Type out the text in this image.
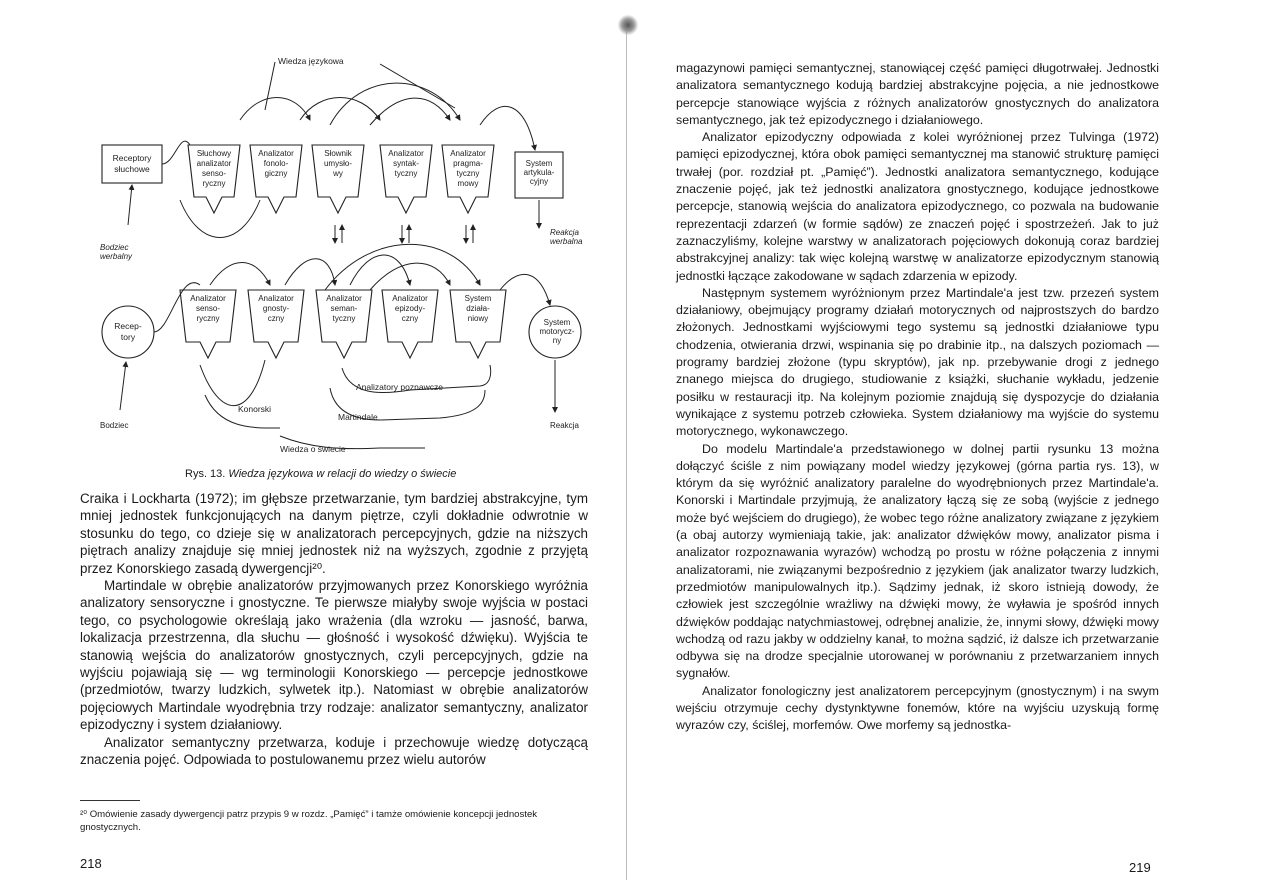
Wiedza językowa
Receptory słuchowe
Bodziec werbalny
Słuchowy analizator senso-ryczny
Analizator fonolo-giczny
Słownik umysło-wy
Analizator syntak-tyczny
Analizator pragma-tyczny mowy
System artykula-cyjny
Reakcja werbalna
Recep-tory
Bodziec
Analizator senso-ryczny
Analizator gnosty-czny
Analizator seman-tyczny
Analizator epizody-czny
System działa-niowy	System motorycz-ny
Reakcja
Analizatory poznawcze
Konorski
Martindale
Wiedza o świecie
Rys. 13. Wiedza językowa w relacji do wiedzy o świecie

Craika i Lockharta (1972); im głębsze przetwarzanie, tym bardziej abstrakcyjne, tym mniej jednostek funkcjonujących na danym piętrze, czyli dokładnie odwrotnie w stosunku do tego, co dzieje się w analizatorach percepcyjnych, gdzie na niższych piętrach analizy znajduje się mniej jednostek niż na wyższych, zgodnie z przyjętą przez Konorskiego zasadą dywergencji²⁰.

Martindale w obrębie analizatorów przyjmowanych przez Konorskiego wyróżnia analizatory sensoryczne i gnostyczne. Te pierwsze miałyby swoje wyjścia w postaci tego, co psychologowie określają jako wrażenia (dla wzroku — jasność, barwa, lokalizacja przestrzenna, dla słuchu — głośność i wysokość dźwięku). Wyjścia te stanowią wejścia do analizatorów gnostycznych, czyli percepcyjnych, gdzie na wyjściu pojawiają się — wg terminologii Konorskiego — percepcje jednostkowe (przedmiotów, twarzy ludzkich, sylwetek itp.). Natomiast w obrębie analizatorów pojęciowych Martindale wyodrębnia trzy rodzaje: analizator semantyczny, analizator epizodyczny i system działaniowy.

Analizator semantyczny przetwarza, koduje i przechowuje wiedzę dotyczącą znaczenia pojęć. Odpowiada to postulowanemu przez wielu autorów

²⁰ Omówienie zasady dywergencji patrz przypis 9 w rozdz. „Pamięć” i tamże omówienie koncepcji jednostek gnostycznych.
218

magazynowi pamięci semantycznej, stanowiącej część pamięci długotrwałej. Jednostki analizatora semantycznego kodują bardziej abstrakcyjne pojęcia, a nie jednostkowe percepcje stanowiące wyjścia z różnych analizatorów gnostycznych do analizatora semantycznego, jak też epizodycznego i działaniowego.

Analizator epizodyczny odpowiada z kolei wyróżnionej przez Tulvinga (1972) pamięci epizodycznej, która obok pamięci semantycznej ma stanowić strukturę pamięci trwałej (por. rozdział pt. „Pamięć”). Jednostki analizatora semantycznego, kodujące znaczenie pojęć, jak też jednostki analizatora gnostycznego, kodujące jednostkowe percepcje, stanowią wejścia do analizatora epizodycznego, co pozwala na budowanie reprezentacji zdarzeń (w formie sądów) ze znaczeń pojęć i spostrzeżeń. Jak to już zaznaczyliśmy, kolejne warstwy w analizatorach pojęciowych dokonują coraz bardziej abstrakcyjnej analizy: tak więc kolejną warstwę w analizatorze epizodycznym stanowią jednostki łączące zakodowane w sądach zdarzenia w epizody.

Następnym systemem wyróżnionym przez Martindale'a jest tzw. przezeń system działaniowy, obejmujący programy działań motorycznych od najprostszych do bardzo złożonych. Jednostkami wyjściowymi tego systemu są jednostki działaniowe typu chodzenia, otwierania drzwi, wspinania się po drabinie itp., na dalszych poziomach — programy bardziej złożone (typu skryptów), jak np. przebywanie drogi z jednego znanego miejsca do drugiego, studiowanie z książki, słuchanie wykładu, jedzenie posiłku w restauracji itp. Na kolejnym poziomie znajdują się dyspozycje do działania wynikające z systemu potrzeb człowieka. System działaniowy ma wyjście do systemu motorycznego, wykonawczego.

Do modelu Martindale'a przedstawionego w dolnej partii rysunku 13 można dołączyć ściśle z nim powiązany model wiedzy językowej (górna partia rys. 13), w którym da się wyróżnić analizatory paralelne do wyodrębnionych przez Martindale'a. Konorski i Martindale przyjmują, że analizatory łączą się ze sobą (wyjście z jednego może być wejściem do drugiego), że wobec tego różne analizatory związane z językiem (a obaj autorzy wymieniają takie, jak: analizator dźwięków mowy, analizator pisma i analizator rozpoznawania wyrazów) wchodzą po prostu w różne połączenia z innymi analizatorami, nie związanymi bezpośrednio z językiem (jak analizator twarzy ludzkich, przedmiotów manipulowalnych itp.). Sądzimy jednak, iż skoro istnieją dowody, że człowiek jest szczególnie wrażliwy na dźwięki mowy, że wyławia je spośród innych dźwięków poddając natychmiastowej, odrębnej analizie, że, innymi słowy, dźwięki mowy wchodzą od razu jakby w oddzielny kanał, to można sądzić, iż dalsze ich przetwarzanie odbywa się na drodze specjalnie utorowanej w porównaniu z przetwarzaniem innych sygnałów.

Analizator fonologiczny jest analizatorem percepcyjnym (gnostycznym) i na swym wejściu otrzymuje cechy dystynktywne fonemów, które na wyjściu uzyskują formę wyrazów czy, ściślej, morfemów. Owe morfemy są jednostka-

219
